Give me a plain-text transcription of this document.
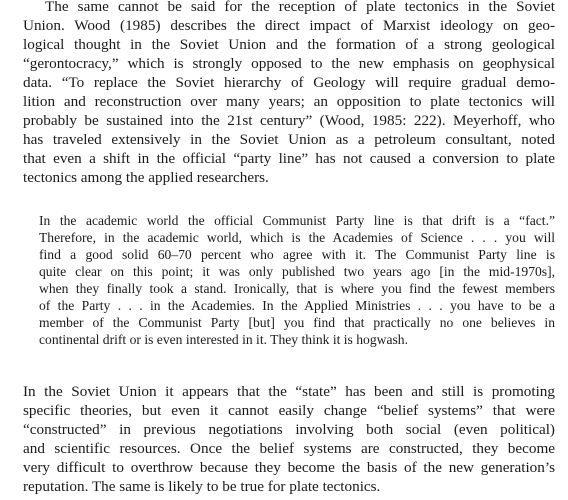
The same cannot be said for the reception of plate tectonics in the Soviet
Union. Wood (1985) describes the direct impact of Marxist ideology on geo-
logical thought in the Soviet Union and the formation of a strong geological
“gerontocracy,” which is strongly opposed to the new emphasis on geophysical
data. “To replace the Soviet hierarchy of Geology will require gradual demo-
lition and reconstruction over many years; an opposition to plate tectonics will
probably be sustained into the 21st century” (Wood, 1985: 222). Meyerhoff, who
has traveled extensively in the Soviet Union as a petroleum consultant, noted
that even a shift in the official “party line” has not caused a conversion to plate
tectonics among the applied researchers.
In the academic world the official Communist Party line is that drift is a “fact.”
Therefore, in the academic world, which is the Academies of Science . . . you will
find a good solid 60–70 percent who agree with it. The Communist Party line is
quite clear on this point; it was only published two years ago [in the mid-1970s],
when they finally took a stand. Ironically, that is where you find the fewest members
of the Party . . . in the Academies. In the Applied Ministries . . . you have to be a
member of the Communist Party [but] you find that practically no one believes in
continental drift or is even interested in it. They think it is hogwash.
In the Soviet Union it appears that the “state” has been and still is promoting
specific theories, but even it cannot easily change “belief systems” that were
“constructed” in previous negotiations involving both social (even political)
and scientific resources. Once the belief systems are constructed, they become
very difficult to overthrow because they become the basis of the new generation’s
reputation. The same is likely to be true for plate tectonics.
